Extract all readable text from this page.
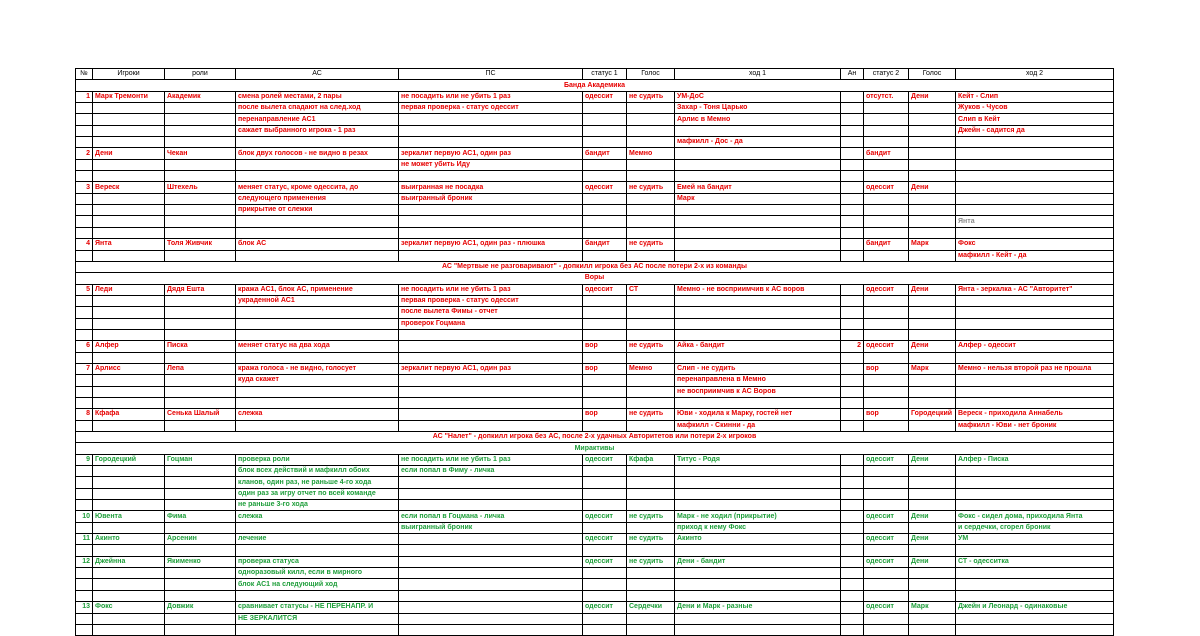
№	Игроки	роли	АС	ПС	статус 1	Голос	ход 1	Ан	статус 2	Голос	ход 2
Банда Академика											
1	Марк Тремонти	Академик	смена ролей местами, 2 пары	не посадить или не убить 1 раз	одессит	не судить	УМ-ДоС		отсутст.	Дени	Кейт - Слип
			после вылета спадают на след.ход	первая проверка - статус одессит			Захар - Тоня Царько				Жуков - Чусов
			перенаправление АС1				Арлис в Мемно				Слип в Кейт
			сажает выбранного игрока - 1 раз								Джейн - садится да
							мафкилл - Дос - да				
2	Дени	Чекан	блок двух голосов - не видно в резах	зеркалит первую АС1, один раз	бандит	Мемно			бандит		
				не может убить Иду							

3	Вереск	Штехель	меняет статус, кроме одессита, до	выигранная не посадка	одессит	не судить	Емей на бандит		одессит	Дени	
			следующего применения	выигранный броник			Марк				
			прикрытие от слежки								
											Янта

4	Янта	Толя Живчик	блок АС	зеркалит первую АС1, один раз - плюшка	бандит	не судить			бандит	Марк	Фокс
											мафкилл - Кейт - да
АС "Мертвые не разговаривают" - допкилл игрока без АС после потери 2-х из команды											
Воры											
5	Леди	Дядя Ешта	кража АС1, блок АС, применение	не посадить или не убить 1 раз	одессит	СТ	Мемно - не восприимчив к АС воров		одессит	Дени	Янта - зеркалка - АС "Авторитет"
			украденной АС1	первая проверка - статус одессит							
				после вылета Фимы - отчет							
				проверок Гоцмана							

6	Алфер	Писка	меняет статус на два хода		вор	не судить	Айка - бандит	2	одессит	Дени	Алфер - одессит

7	Арлисс	Лепа	кража голоса - не видно, голосует	зеркалит первую АС1, один раз	вор	Мемно	Слип - не судить		вор	Марк	Мемно - нельзя второй раз не прошла
			куда скажет				перенаправлена в Мемно				
							не восприимчив к АС Воров				

8	Кфафа	Сенька Шалый	слежка		вор	не судить	Юви - ходила к Марку, гостей нет		вор	Городецкий	Вереск - приходила Аннабель
							мафкилл - Скинни - да				мафкилл - Юви - нет броник
АС "Налет" - допкилл игрока без АС, после 2-х удачных Авторитетов или потери 2-х игроков											
Мирактивы											
9	Городецкий	Гоцман	проверка роли	не посадить или не убить 1 раз	одессит	Кфафа	Титус - Родя		одессит	Дени	Алфер - Писка
			блок всех действий и мафкилл обоих	если попал в Фиму - личка							
			кланов, один раз, не раньше 4-го хода								
			один раз за игру отчет по всей команде								
			не раньше 3-го хода								
10	Ювента	Фима	слежка	если попал в Гоцмана - личка	одессит	не судить	Марк - не ходил (прикрытие)		одессит	Дени	Фокс - сидел дома, приходила Янта
				выигранный броник			приход к нему Фокс				и сердечки, сгорел броник
11	Акинто	Арсенин	лечение		одессит	не судить	Акинто		одессит	Дени	УМ

12	Джейнна	Якименко	проверка статуса		одессит	не судить	Дени - бандит		одессит	Дени	СТ - одесситка
			одноразовый килл, если в мирного								
			блок АС1 на следующий ход								

13	Фокс	Довжик	сравнивает статусы - НЕ ПЕРЕНАПР. И		одессит	Сердечки	Дени и Марк - разные		одессит	Марк	Джейн и Леонард - одинаковые
			НЕ ЗЕРКАЛИТСЯ								
